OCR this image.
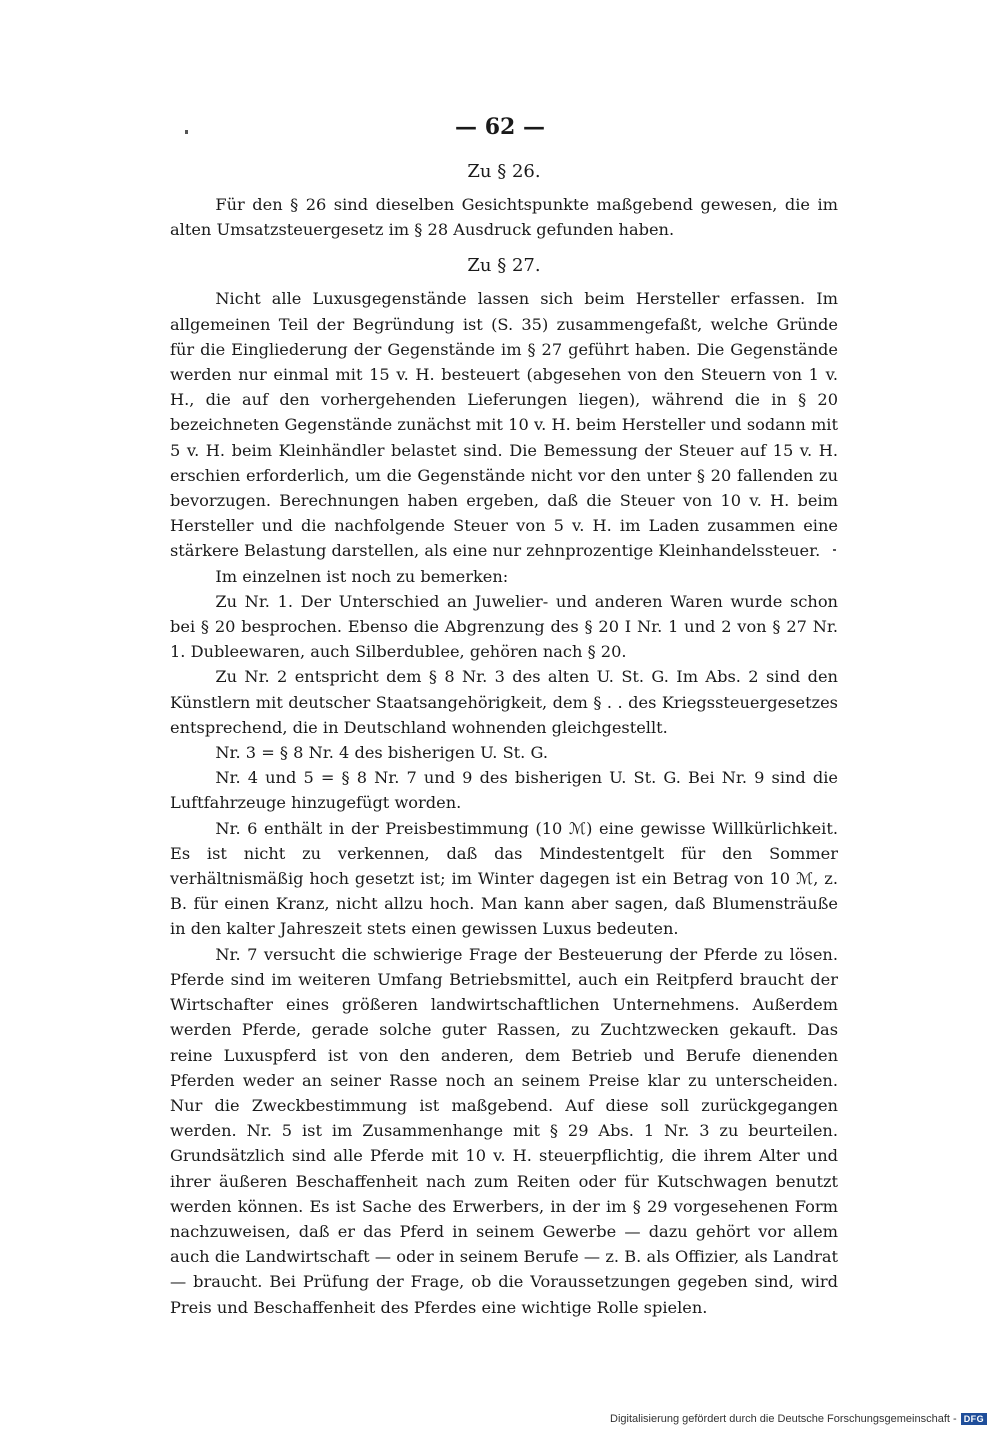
— 62 —
Zu § 26.

Für den § 26 sind dieselben Gesichtspunkte maßgebend gewesen, die im alten Umsatzsteuergesetz im § 28 Ausdruck gefunden haben.

Zu § 27.

Nicht alle Luxusgegenstände lassen sich beim Hersteller erfassen. Im allgemeinen Teil der Begründung ist (S. 35) zusammengefaßt, welche Gründe für die Eingliederung der Gegenstände im § 27 geführt haben. Die Gegenstände werden nur einmal mit 15 v. H. besteuert (abgesehen von den Steuern von 1 v. H., die auf den vorhergehenden Lieferungen liegen), während die in § 20 bezeichneten Gegenstände zunächst mit 10 v. H. beim Hersteller und sodann mit 5 v. H. beim Kleinhändler belastet sind. Die Bemessung der Steuer auf 15 v. H. erschien erforderlich, um die Gegenstände nicht vor den unter § 20 fallenden zu bevorzugen. Berechnungen haben ergeben, daß die Steuer von 10 v. H. beim Hersteller und die nachfolgende Steuer von 5 v. H. im Laden zusammen eine stärkere Belastung darstellen, als eine nur zehnprozentige Kleinhandelssteuer.

Im einzelnen ist noch zu bemerken:

Zu Nr. 1. Der Unterschied an Juwelier- und anderen Waren wurde schon bei § 20 besprochen. Ebenso die Abgrenzung des § 20 I Nr. 1 und 2 von § 27 Nr. 1. Dubleewaren, auch Silberdublee, gehören nach § 20.

Zu Nr. 2 entspricht dem § 8 Nr. 3 des alten U. St. G. Im Abs. 2 sind den Künstlern mit deutscher Staatsangehörigkeit, dem § . . des Kriegssteuergesetzes entsprechend, die in Deutschland wohnenden gleichgestellt.

Nr. 3 = § 8 Nr. 4 des bisherigen U. St. G.

Nr. 4 und 5 = § 8 Nr. 7 und 9 des bisherigen U. St. G. Bei Nr. 9 sind die Luftfahrzeuge hinzugefügt worden.

Nr. 6 enthält in der Preisbestimmung (10 ℳ) eine gewisse Willkürlichkeit. Es ist nicht zu verkennen, daß das Mindestentgelt für den Sommer verhältnismäßig hoch gesetzt ist; im Winter dagegen ist ein Betrag von 10 ℳ, z. B. für einen Kranz, nicht allzu hoch. Man kann aber sagen, daß Blumensträuße in den kalter Jahreszeit stets einen gewissen Luxus bedeuten.

Nr. 7 versucht die schwierige Frage der Besteuerung der Pferde zu lösen. Pferde sind im weiteren Umfang Betriebsmittel, auch ein Reitpferd braucht der Wirtschafter eines größeren landwirtschaftlichen Unternehmens. Außerdem werden Pferde, gerade solche guter Rassen, zu Zuchtzwecken gekauft. Das reine Luxuspferd ist von den anderen, dem Betrieb und Berufe dienenden Pferden weder an seiner Rasse noch an seinem Preise klar zu unterscheiden. Nur die Zweckbestimmung ist maßgebend. Auf diese soll zurückgegangen werden. Nr. 5 ist im Zusammenhange mit § 29 Abs. 1 Nr. 3 zu beurteilen. Grundsätzlich sind alle Pferde mit 10 v. H. steuerpflichtig, die ihrem Alter und ihrer äußeren Beschaffenheit nach zum Reiten oder für Kutschwagen benutzt werden können. Es ist Sache des Erwerbers, in der im § 29 vorgesehenen Form nachzuweisen, daß er das Pferd in seinem Gewerbe — dazu gehört vor allem auch die Landwirtschaft — oder in seinem Berufe — z. B. als Offizier, als Landrat — braucht. Bei Prüfung der Frage, ob die Voraussetzungen gegeben sind, wird Preis und Beschaffenheit des Pferdes eine wichtige Rolle spielen.

Digitalisierung gefördert durch die Deutsche Forschungsgemeinschaft - DFG
